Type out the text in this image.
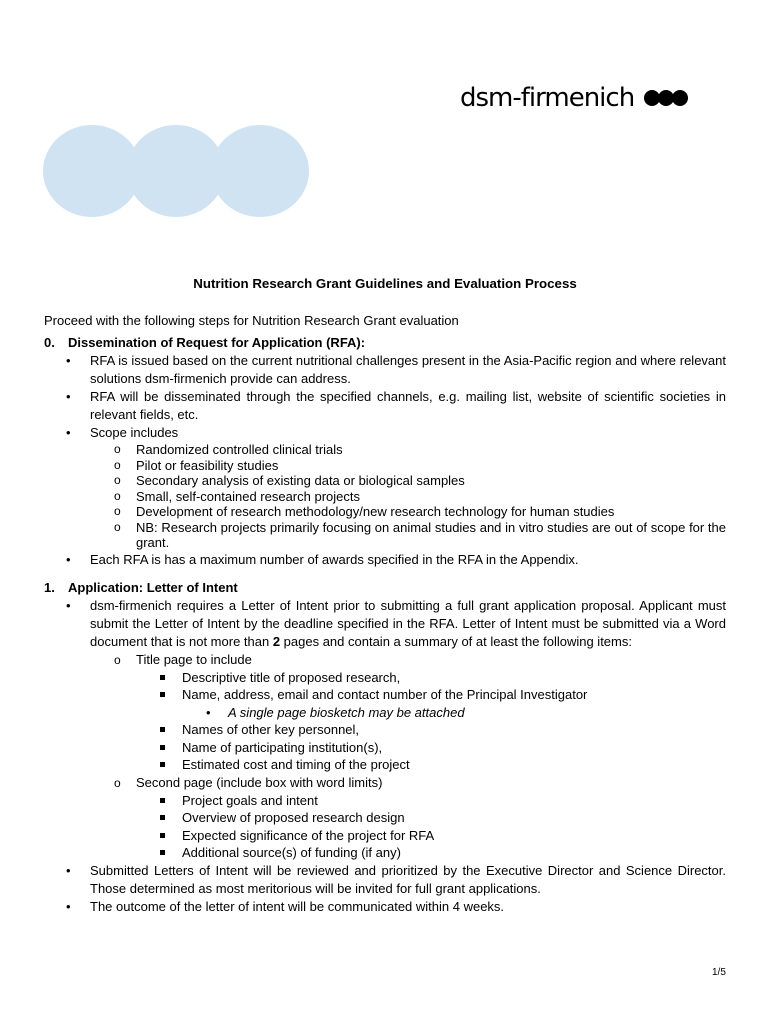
dsm-firmenich
Nutrition Research Grant Guidelines and Evaluation Process

Proceed with the following steps for Nutrition Research Grant evaluation

0.	Dissemination of Request for Application (RFA):
• RFA is issued based on the current nutritional challenges present in the Asia-Pacific region and where relevant solutions dsm-firmenich provide can address.
• RFA will be disseminated through the specified channels, e.g. mailing list, website of scientific societies in relevant fields, etc.
• Scope includes
o Randomized controlled clinical trials
o Pilot or feasibility studies
o Secondary analysis of existing data or biological samples
o Small, self-contained research projects
o Development of research methodology/new research technology for human studies
o NB: Research projects primarily focusing on animal studies and in vitro studies are out of scope for the grant.
• Each RFA is has a maximum number of awards specified in the RFA in the Appendix.
1.	Application: Letter of Intent
• dsm-firmenich requires a Letter of Intent prior to submitting a full grant application proposal. Applicant must submit the Letter of Intent by the deadline specified in the RFA. Letter of Intent must be submitted via a Word document that is not more than 2 pages and contain a summary of at least the following items:
o Title page to include
Descriptive title of proposed research,
Name, address, email and contact number of the Principal Investigator
• A single page biosketch may be attached
Names of other key personnel,
Name of participating institution(s),
Estimated cost and timing of the project
o Second page (include box with word limits)
Project goals and intent
Overview of proposed research design
Expected significance of the project for RFA
Additional source(s) of funding (if any)
• Submitted Letters of Intent will be reviewed and prioritized by the Executive Director and Science Director. Those determined as most meritorious will be invited for full grant applications.
• The outcome of the letter of intent will be communicated within 4 weeks.
1/5
